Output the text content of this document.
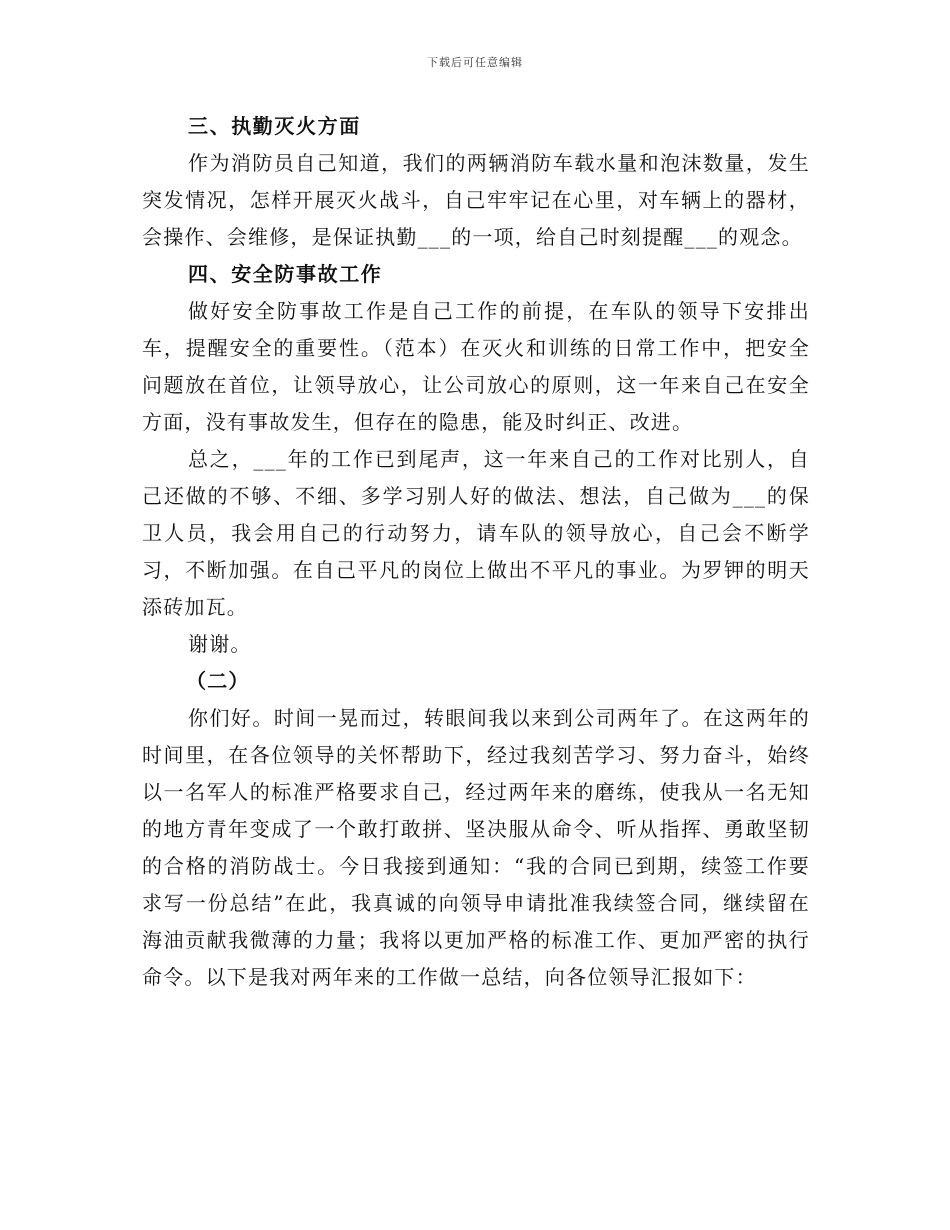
下载后可任意编辑

三、执勤灭火方面

作为消防员自己知道，我们的两辆消防车载水量和泡沫数量，发生突发情况，怎样开展灭火战斗，自己牢牢记在心里，对车辆上的器材，会操作、会维修，是保证执勤___的一项，给自己时刻提醒___的观念。

四、安全防事故工作

做好安全防事故工作是自己工作的前提，在车队的领导下安排出车，提醒安全的重要性。（范本）在灭火和训练的日常工作中，把安全问题放在首位，让领导放心，让公司放心的原则，这一年来自己在安全方面，没有事故发生，但存在的隐患，能及时纠正、改进。

总之，___年的工作已到尾声，这一年来自己的工作对比别人，自己还做的不够、不细、多学习别人好的做法、想法，自己做为___的保卫人员，我会用自己的行动努力，请车队的领导放心，自己会不断学习，不断加强。在自己平凡的岗位上做出不平凡的事业。为罗钾的明天添砖加瓦。

谢谢。

（二）

你们好。时间一晃而过，转眼间我以来到公司两年了。在这两年的时间里，在各位领导的关怀帮助下，经过我刻苦学习、努力奋斗，始终以一名军人的标准严格要求自己，经过两年来的磨练，使我从一名无知的地方青年变成了一个敢打敢拼、坚决服从命令、听从指挥、勇敢坚韧的合格的消防战士。今日我接到通知：“我的合同已到期，续签工作要求写一份总结”在此，我真诚的向领导申请批准我续签合同，继续留在海油贡献我微薄的力量；我将以更加严格的标准工作、更加严密的执行命令。以下是我对两年来的工作做一总结，向各位领导汇报如下：
